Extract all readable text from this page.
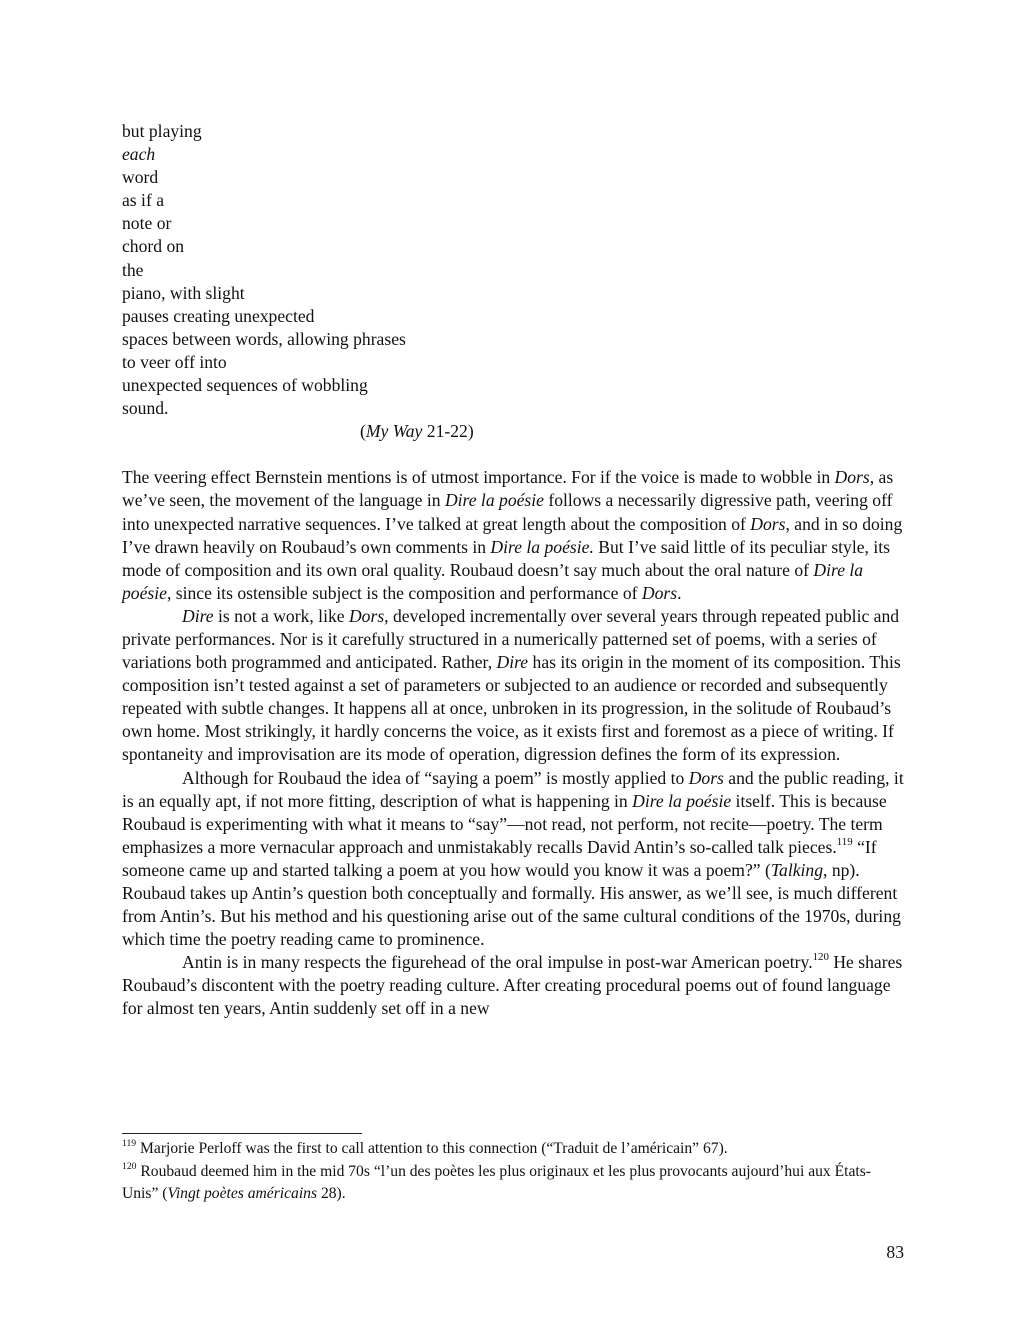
but playing
each
word
as if a
note or
chord on
the
piano, with slight
pauses creating unexpected
spaces between words, allowing phrases
to veer off into
unexpected sequences of wobbling
sound.
(My Way 21-22)

The veering effect Bernstein mentions is of utmost importance. For if the voice is made to wobble in Dors, as we’ve seen, the movement of the language in Dire la poésie follows a necessarily digressive path, veering off into unexpected narrative sequences. I’ve talked at great length about the composition of Dors, and in so doing I’ve drawn heavily on Roubaud’s own comments in Dire la poésie. But I’ve said little of its peculiar style, its mode of composition and its own oral quality. Roubaud doesn’t say much about the oral nature of Dire la poésie, since its ostensible subject is the composition and performance of Dors.

Dire is not a work, like Dors, developed incrementally over several years through repeated public and private performances. Nor is it carefully structured in a numerically patterned set of poems, with a series of variations both programmed and anticipated. Rather, Dire has its origin in the moment of its composition. This composition isn’t tested against a set of parameters or subjected to an audience or recorded and subsequently repeated with subtle changes. It happens all at once, unbroken in its progression, in the solitude of Roubaud’s own home. Most strikingly, it hardly concerns the voice, as it exists first and foremost as a piece of writing. If spontaneity and improvisation are its mode of operation, digression defines the form of its expression.

Although for Roubaud the idea of “saying a poem” is mostly applied to Dors and the public reading, it is an equally apt, if not more fitting, description of what is happening in Dire la poésie itself. This is because Roubaud is experimenting with what it means to “say”—not read, not perform, not recite—poetry. The term emphasizes a more vernacular approach and unmistakably recalls David Antin’s so-called talk pieces.$^{119}$ “If someone came up and started talking a poem at you how would you know it was a poem?” (Talking, np). Roubaud takes up Antin’s question both conceptually and formally. His answer, as we’ll see, is much different from Antin’s. But his method and his questioning arise out of the same cultural conditions of the 1970s, during which time the poetry reading came to prominence.

Antin is in many respects the figurehead of the oral impulse in post-war American poetry.$^{120}$ He shares Roubaud’s discontent with the poetry reading culture. After creating procedural poems out of found language for almost ten years, Antin suddenly set off in a new

$^{119}$ Marjorie Perloff was the first to call attention to this connection (“Traduit de l’américain” 67).

$^{120}$ Roubaud deemed him in the mid 70s “l’un des poètes les plus originaux et les plus provocants aujourd’hui aux États-Unis” (Vingt poètes américains 28).

83
